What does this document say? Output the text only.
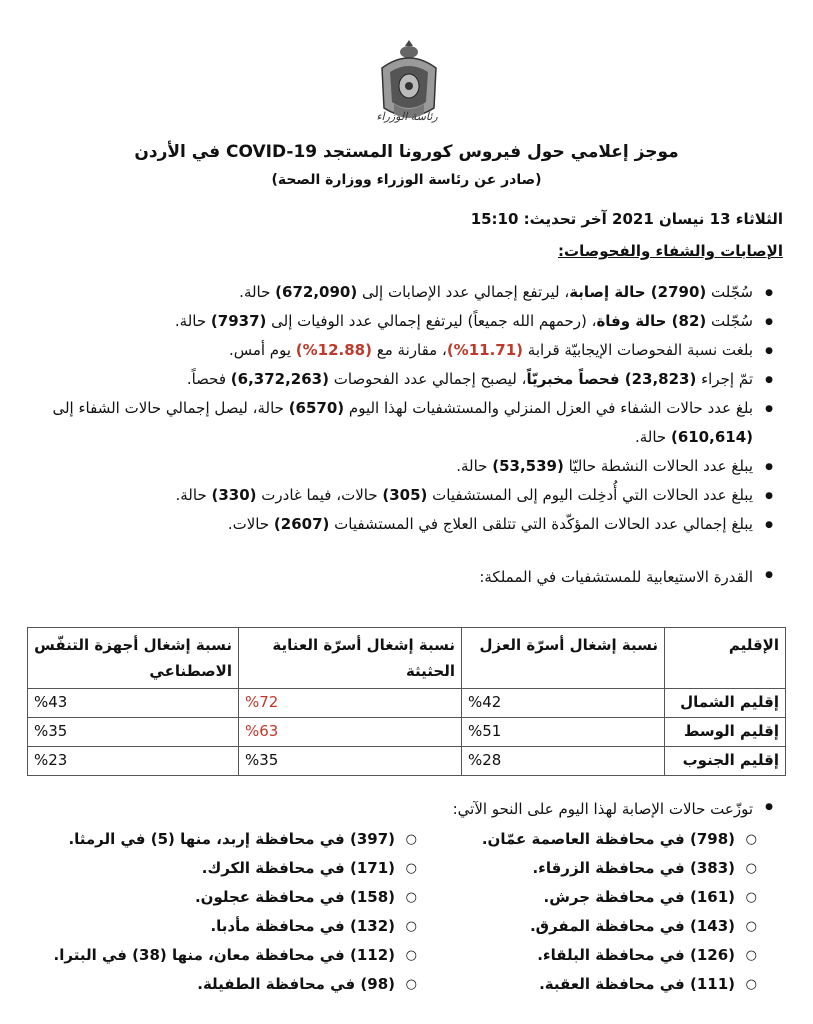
رئاسة الوزراء
موجز إعلامي حول فيروس كورونا المستجد COVID-19 في الأردن
(صادر عن رئاسة الوزراء ووزارة الصحة)
الثلاثاء 13 نيسان 2021 آخر تحديث: 15:10
الإصابات والشفاء والفحوصات:
● سُجّلت (2790) حالة إصابة، ليرتفع إجمالي عدد الإصابات إلى (672,090) حالة.
● سُجّلت (82) حالة وفاة، (رحمهم الله جميعاً) ليرتفع إجمالي عدد الوفيات إلى (7937) حالة.
● بلغت نسبة الفحوصات الإيجابيّة قرابة (11.71%)، مقارنة مع (12.88%) يوم أمس.
● تمّ إجراء (23,823) فحصاً مخبريّاً، ليصبح إجمالي عدد الفحوصات (6,372,263) فحصاً.
● بلغ عدد حالات الشفاء في العزل المنزلي والمستشفيات لهذا اليوم (6570) حالة، ليصل إجمالي حالات الشفاء إلى (610,614) حالة.
● يبلغ عدد الحالات النشطة حاليّا (53,539) حالة.
● يبلغ عدد الحالات التي أُدخِلت اليوم إلى المستشفيات (305) حالات، فيما غادرت (330) حالة.
● يبلغ إجمالي عدد الحالات المؤكّدة التي تتلقى العلاج في المستشفيات (2607) حالات.
● القدرة الاستيعابية للمستشفيات في المملكة:
الإقليم	نسبة إشغال أسرّة العزل	نسبة إشغال أسرّة العناية الحثيثة	نسبة إشغال أجهزة التنفّس الاصطناعي
إقليم الشمال	%42	%72	%43
إقليم الوسط	%51	%63	%35
إقليم الجنوب	%28	%35	%23
● توزّعت حالات الإصابة لهذا اليوم على النحو الآتي:
○ (798) في محافظة العاصمة عمّان.
○ (383) في محافظة الزرقاء.
○ (161) في محافظة جرش.
○ (143) في محافظة المفرق.
○ (126) في محافظة البلقاء.
○ (111) في محافظة العقبة.
○ (397) في محافظة إربد، منها (5) في الرمثا.
○ (171) في محافظة الكرك.
○ (158) في محافظة عجلون.
○ (132) في محافظة مأدبا.
○ (112) في محافظة معان، منها (38) في البترا.
○ (98) في محافظة الطفيلة.
